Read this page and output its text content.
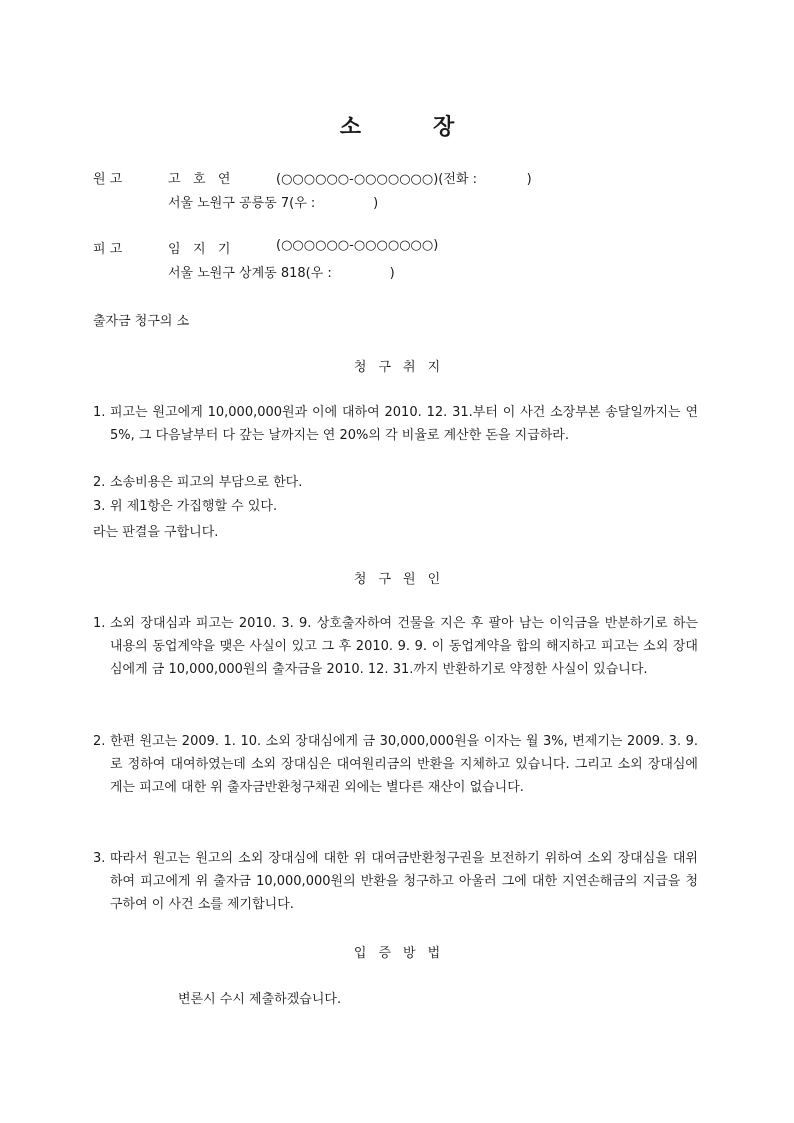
소	장
원 고	고   호   연	(○○○○○○-○○○○○○○)(전화 :            )
서울 노원구 공릉동 7(우 :              )
피 고	임   지   기	(○○○○○○-○○○○○○○)
서울 노원구 상계동 818(우 :              )
출자금 청구의 소
청 구 취 지
1. 피고는 원고에게 10,000,000원과 이에 대하여 2010. 12. 31.부터 이 사건 소장부본 송달일까지는 연 5%, 그 다음날부터 다 갚는 날까지는 연 20%의 각 비율로 계산한 돈을 지급하라.
2. 소송비용은 피고의 부담으로 한다.
3. 위 제1항은 가집행할 수 있다.
라는 판결을 구합니다.
청 구 원 인
1. 소외 장대심과 피고는 2010. 3. 9. 상호출자하여 건물을 지은 후 팔아 남는 이익금을 반분하기로 하는 내용의 동업계약을 맺은 사실이 있고 그 후 2010. 9. 9. 이 동업계약을 합의 해지하고 피고는 소외 장대심에게 금 10,000,000원의 출자금을 2010. 12. 31.까지 반환하기로 약정한 사실이 있습니다.
2. 한편 원고는 2009. 1. 10. 소외 장대심에게 금 30,000,000원을 이자는 월 3%, 변제기는 2009. 3. 9.로 정하여 대여하였는데 소외 장대심은 대여원리금의 반환을 지체하고 있습니다. 그리고 소외 장대심에게는 피고에 대한 위 출자금반환청구채권 외에는 별다른 재산이 없습니다.
3. 따라서 원고는 원고의 소외 장대심에 대한 위 대여금반환청구권을 보전하기 위하여 소외 장대심을 대위하여 피고에게 위 출자금 10,000,000원의 반환을 청구하고 아울러 그에 대한 지연손해금의 지급을 청구하여 이 사건 소를 제기합니다.
입 증 방 법
변론시 수시 제출하겠습니다.
